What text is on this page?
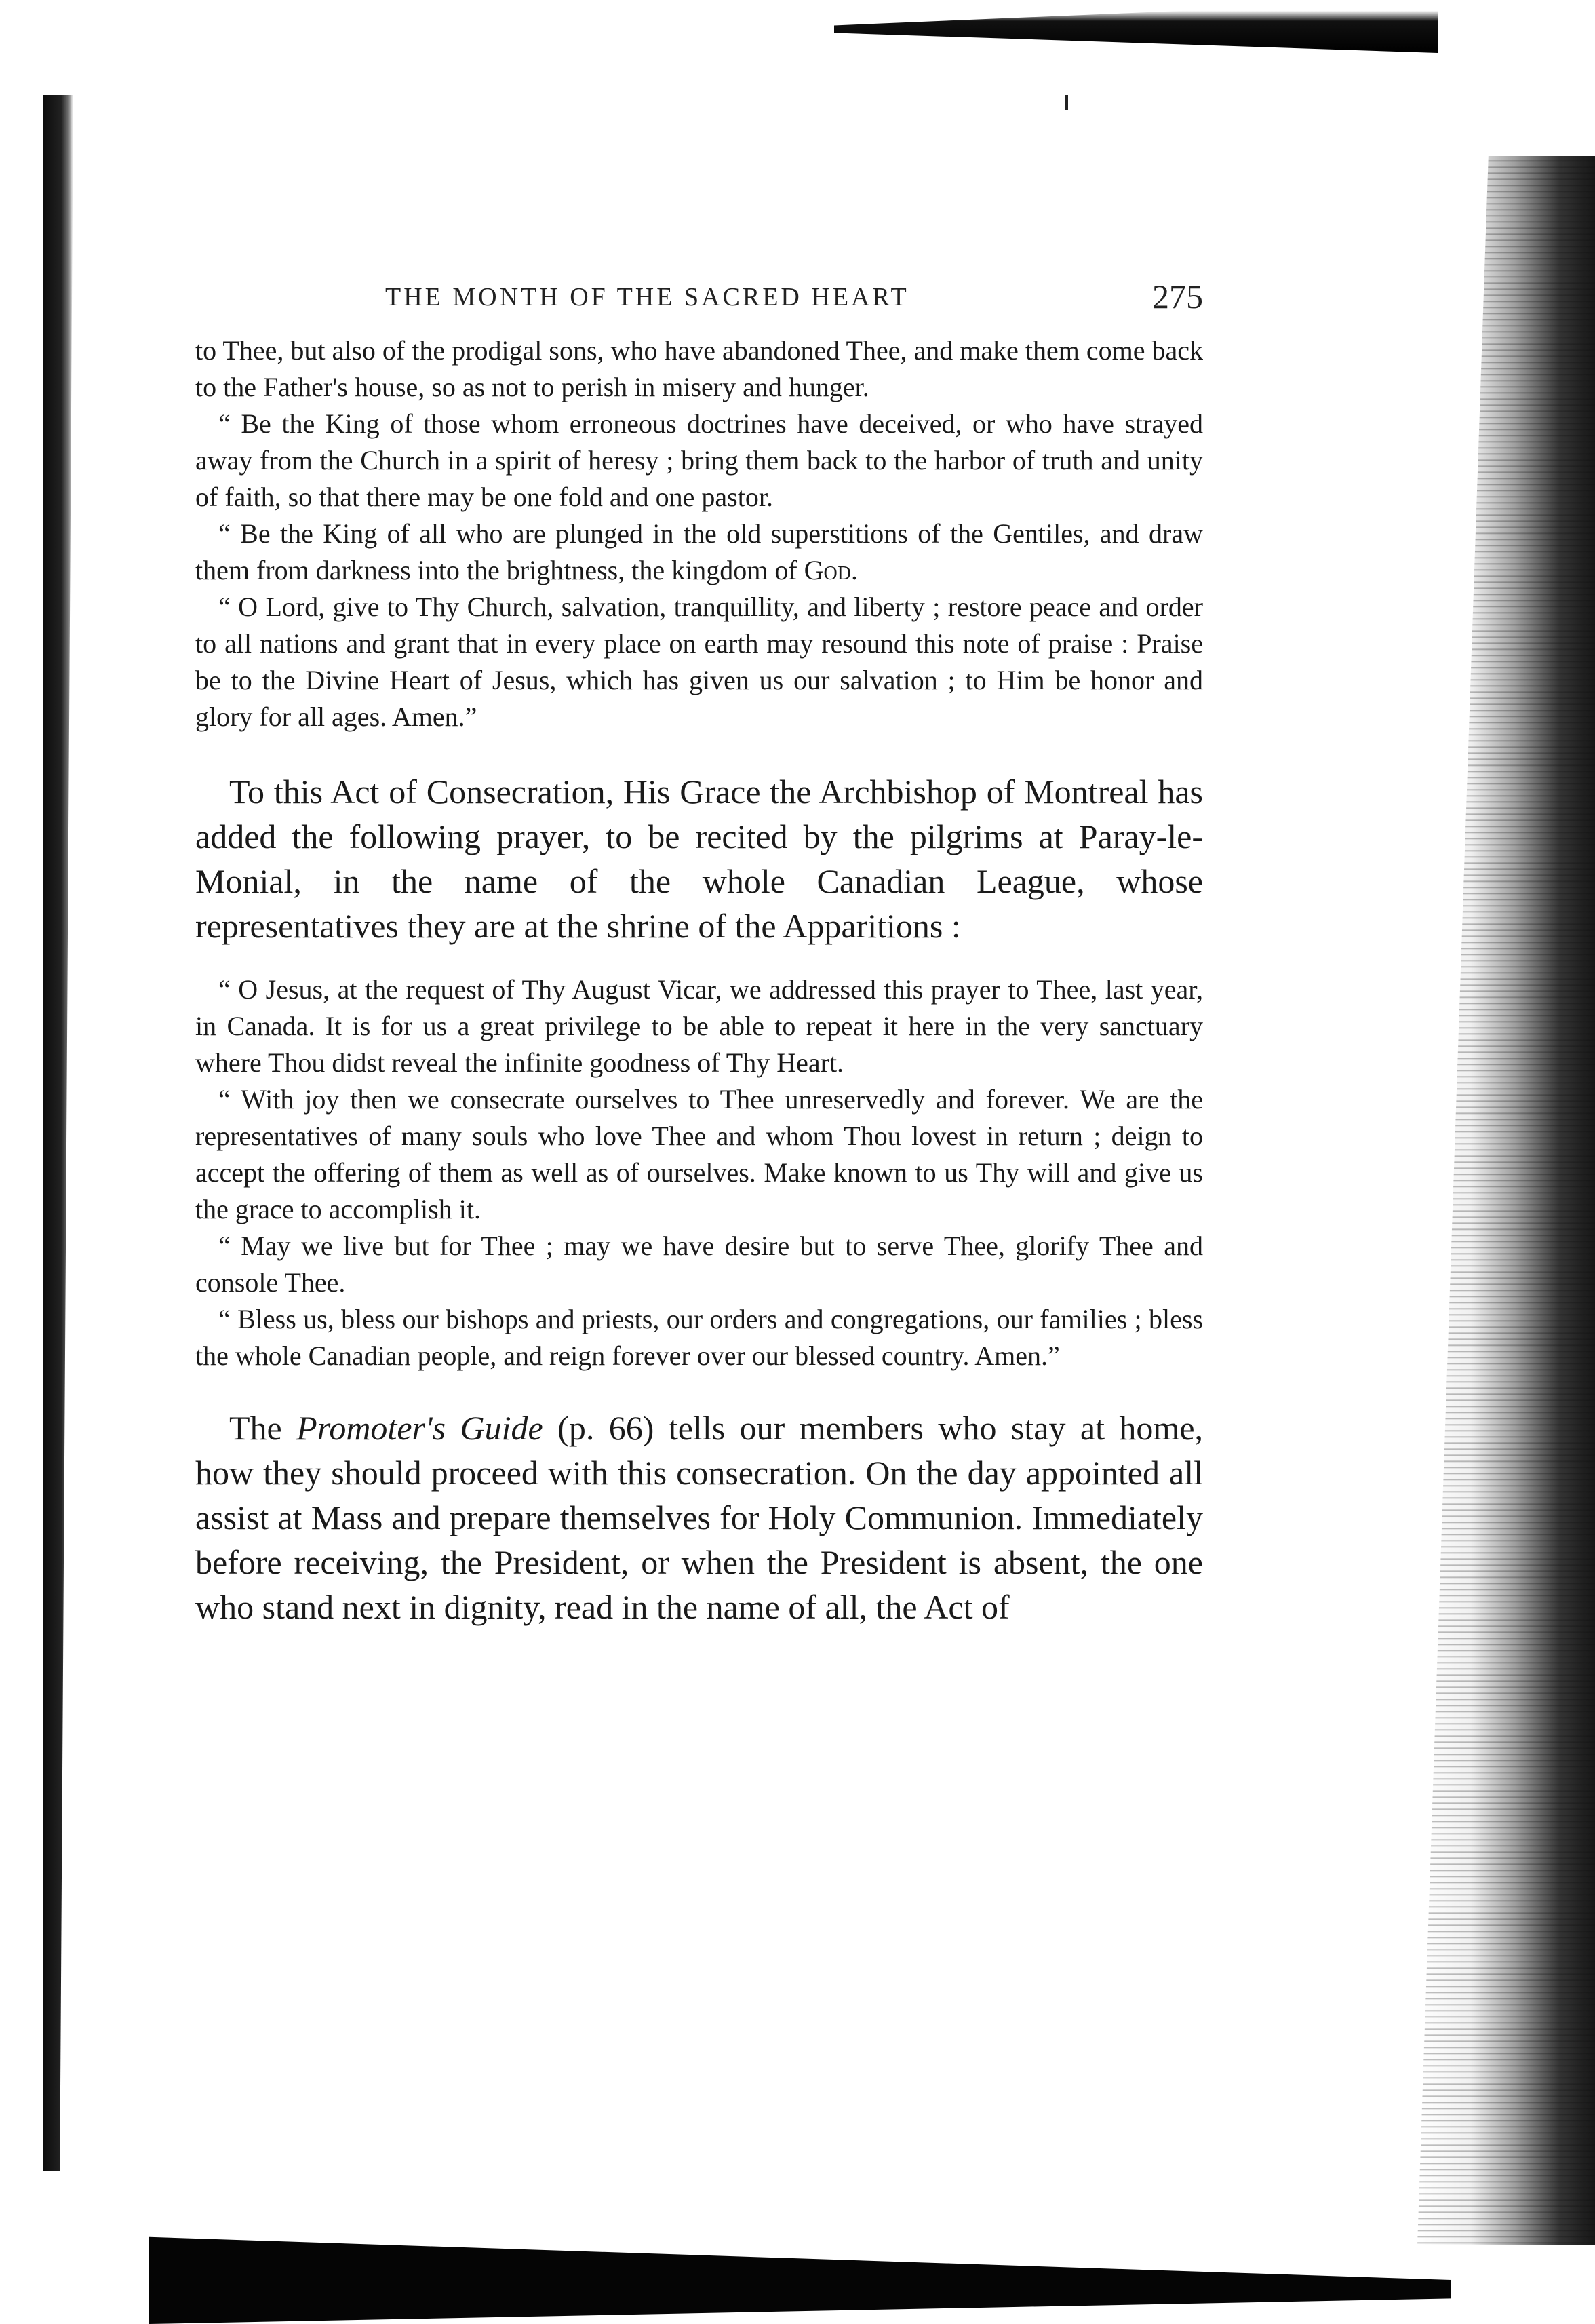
THE MONTH OF THE SACRED HEART	275

to Thee, but also of the prodigal sons, who have abandoned Thee, and make them come back to the Father's house, so as not to perish in misery and hunger.

“ Be the King of those whom erroneous doctrines have deceived, or who have strayed away from the Church in a spirit of heresy ; bring them back to the harbor of truth and unity of faith, so that there may be one fold and one pastor.

“ Be the King of all who are plunged in the old superstitions of the Gentiles, and draw them from darkness into the brightness, the kingdom of God.

“ O Lord, give to Thy Church, salvation, tranquillity, and liberty ; restore peace and order to all nations and grant that in every place on earth may resound this note of praise : Praise be to the Divine Heart of Jesus, which has given us our salvation ; to Him be honor and glory for all ages. Amen.”

To this Act of Consecration, His Grace the Archbishop of Montreal has added the following prayer, to be recited by the pilgrims at Paray-le-Monial, in the name of the whole Canadian League, whose representatives they are at the shrine of the Apparitions :

“ O Jesus, at the request of Thy August Vicar, we addressed this prayer to Thee, last year, in Canada. It is for us a great privilege to be able to repeat it here in the very sanctuary where Thou didst reveal the infinite goodness of Thy Heart.

“ With joy then we consecrate ourselves to Thee unreservedly and forever. We are the representatives of many souls who love Thee and whom Thou lovest in return ; deign to accept the offering of them as well as of ourselves. Make known to us Thy will and give us the grace to accomplish it.

“ May we live but for Thee ; may we have desire but to serve Thee, glorify Thee and console Thee.

“ Bless us, bless our bishops and priests, our orders and congregations, our families ; bless the whole Canadian people, and reign forever over our blessed country. Amen.”

The Promoter's Guide (p. 66) tells our members who stay at home, how they should proceed with this consecration. On the day appointed all assist at Mass and prepare themselves for Holy Communion. Immediately before receiving, the President, or when the President is absent, the one who stand next in dignity, read in the name of all, the Act of
